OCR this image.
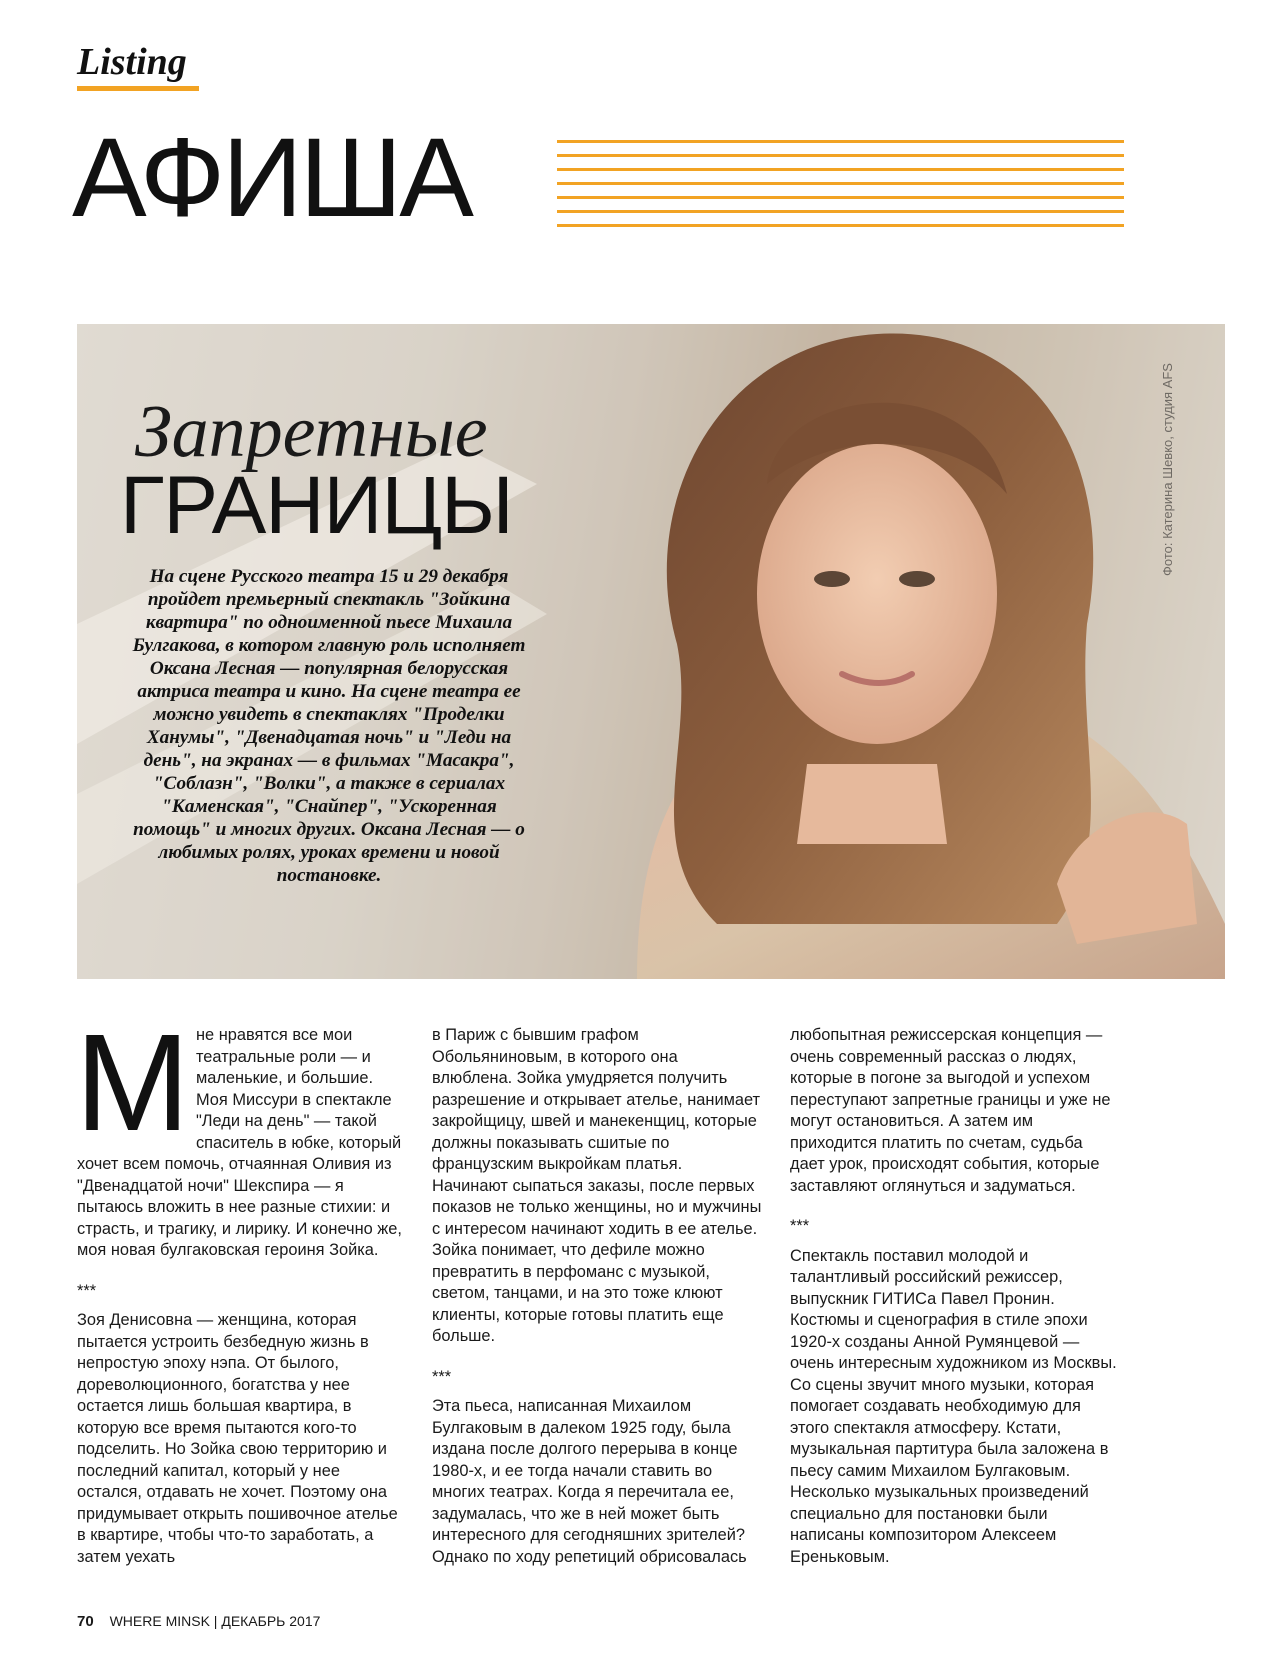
Listing
АФИША
Запретные
ГРАНИЦЫ
На сцене Русского театра 15 и 29 декабря пройдет премьерный спектакль "Зойкина квартира" по одноименной пьесе Михаила Булгакова, в котором главную роль исполняет Оксана Лесная — популярная белорусская актриса театра и кино. На сцене театра ее можно увидеть в спектаклях "Проделки Ханумы", "Двенадцатая ночь" и "Леди на день", на экранах — в фильмах "Масакра", "Соблазн", "Волки", а также в сериалах "Каменская", "Снайпер", "Ускоренная помощь" и многих других. Оксана Лесная — о любимых ролях, уроках времени и новой постановке.
Фото: Катерина Шевко, студия AFS
М не нравятся все мои театральные роли — и маленькие, и большие. Моя Миссури в спектакле "Леди на день" — такой спаситель в юбке, который хочет всем помочь, отчаянная Оливия из "Двенадцатой ночи" Шекспира — я пытаюсь вложить в нее разные стихии: и страсть, и трагику, и лирику. И конечно же, моя новая булгаковская героиня Зойка.

***

Зоя Денисовна — женщина, которая пытается устроить безбедную жизнь в непростую эпоху нэпа. От былого, дореволюционного, богатства у нее остается лишь большая квартира, в которую все время пытаются кого-то подселить. Но Зойка свою территорию и последний капитал, который у нее остался, отдавать не хочет. Поэтому она придумывает открыть пошивочное ателье в квартире, чтобы что-то заработать, а затем уехать

в Париж с бывшим графом Обольяниновым, в которого она влюблена. Зойка умудряется получить разрешение и открывает ателье, нанимает закройщицу, швей и манекенщиц, которые должны показывать сшитые по французским выкройкам платья. Начинают сыпаться заказы, после первых показов не только женщины, но и мужчины с интересом начинают ходить в ее ателье. Зойка понимает, что дефиле можно превратить в перфоманс с музыкой, светом, танцами, и на это тоже клюют клиенты, которые готовы платить еще больше.

***

Эта пьеса, написанная Михаилом Булгаковым в далеком 1925 году, была издана после долгого перерыва в конце 1980-х, и ее тогда начали ставить во многих театрах. Когда я перечитала ее, задумалась, что же в ней может быть интересного для сегодняшних зрителей? Однако по ходу репетиций обрисовалась

любопытная режиссерская концепция — очень современный рассказ о людях, которые в погоне за выгодой и успехом переступают запретные границы и уже не могут остановиться. А затем им приходится платить по счетам, судьба дает урок, происходят события, которые заставляют оглянуться и задуматься.

***

Спектакль поставил молодой и талантливый российский режиссер, выпускник ГИТИСа Павел Пронин. Костюмы и сценография в стиле эпохи 1920-х созданы Анной Румянцевой — очень интересным художником из Москвы. Со сцены звучит много музыки, которая помогает создавать необходимую для этого спектакля атмосферу. Кстати, музыкальная партитура была заложена в пьесу самим Михаилом Булгаковым. Несколько музыкальных произведений специально для постановки были написаны композитором Алексеем Ереньковым.

70 WHERE MINSK | ДЕКАБРЬ 2017
